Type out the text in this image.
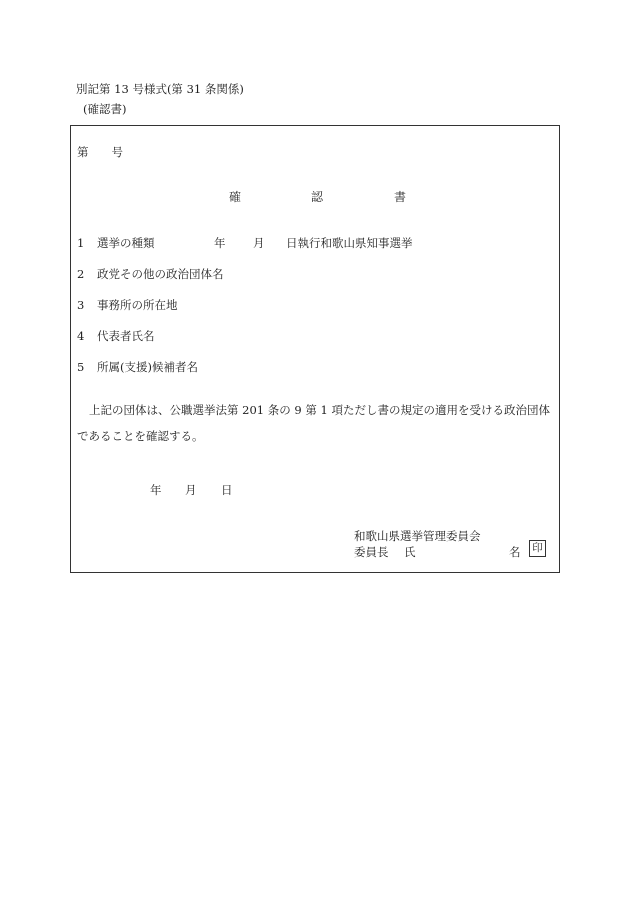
別記第 13 号様式(第 31 条関係)
(確認書)
第　　号
確	認	書
1 選挙の種類	年 月 日執行和歌山県知事選挙
2 政党その他の政治団体名
3 事務所の所在地
4 代表者氏名
5 所属(支援)候補者名
上記の団体は、公職選挙法第 201 条の 9 第 1 項ただし書の規定の適用を受ける政治団体
であることを確認する。
年 月 日
和歌山県選挙管理委員会
委員長 氏	名	印
